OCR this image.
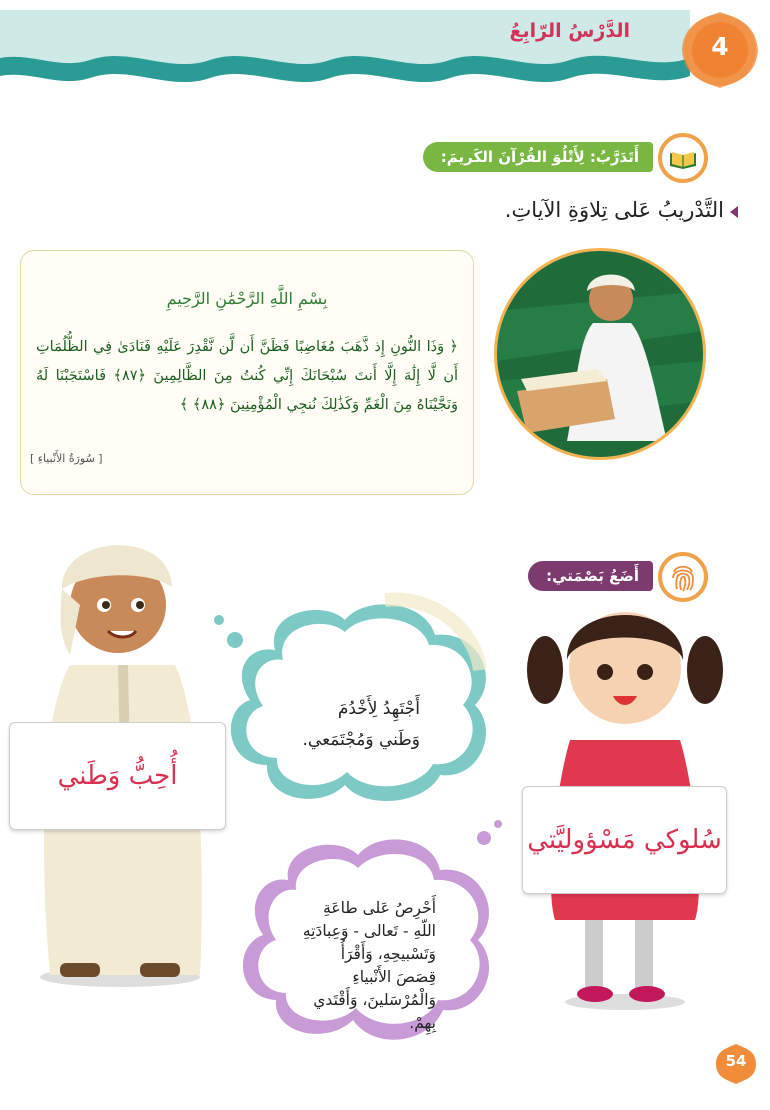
الدَّرْسُ الرّابِعُ
4
أَتَدَرَّبُ: لِأَتْلُوَ القُرْآنَ الكَريمَ:
التَّدْريبُ عَلى تِلاوَةِ الآياتِ.
بِسْمِ اللَّهِ الرَّحْمَٰنِ الرَّحِيمِ
﴿ وَذَا النُّونِ إِذ ذَّهَبَ مُغَاضِبًا فَظَنَّ أَن لَّن نَّقْدِرَ عَلَيْهِ فَنَادَىٰ فِي الظُّلُمَاتِ أَن لَّا إِلَٰهَ إِلَّا أَنتَ سُبْحَانَكَ إِنِّي كُنتُ مِنَ الظَّالِمِينَ ﴿٨٧﴾ فَاسْتَجَبْنَا لَهُ وَنَجَّيْنَاهُ مِنَ الْغَمِّ وَكَذَٰلِكَ نُنجِي الْمُؤْمِنِينَ ﴿٨٨﴾ ﴾
[ سُورَةُ الأَنْبياءِ ]
أَضَعُ بَصْمَتي:
أُحِبُّ وَطَني
سُلوكي مَسْؤوليَّتي
أَجْتَهِدُ لِأَخْدُمَ وَطَني وَمُجْتَمَعي.
أَحْرِصُ عَلى طاعَةِ اللّهِ - تَعالى - وَعِبادَتِهِ وَتَسْبيحِهِ، وَأَقْرَأُ قِصَصَ الأَنْبياءِ وَالْمُرْسَلينَ، وَأَقْتَدي بِهِمْ.
54
